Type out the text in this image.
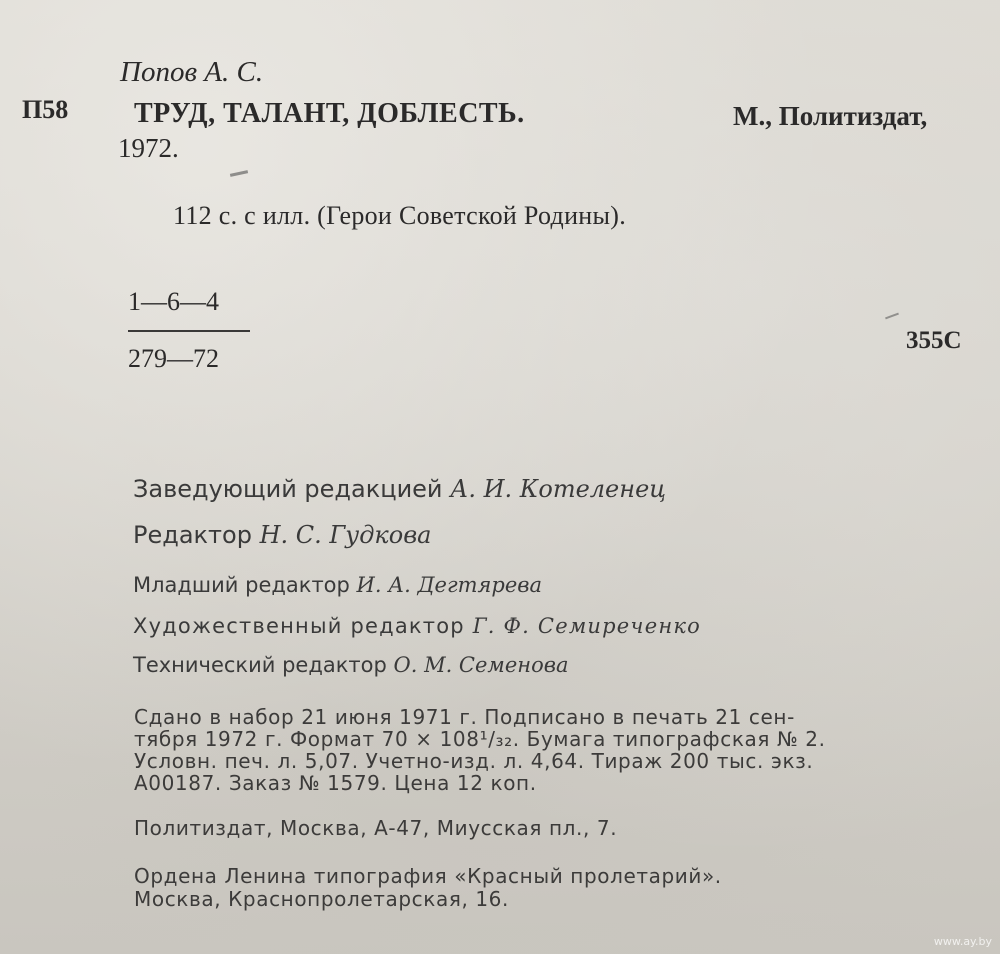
Попов А. С.
П58 ТРУД, ТАЛАНТ, ДОБЛЕСТЬ.	М., Политиздат,
1972.
112 с. с илл. (Герои Советской Родины).
1—6—4
279—72
355С
Заведующий редакцией А. И. Котеленец
Редактор Н. С. Гудкова
Младший редактор И. А. Дегтярева
Художественный редактор Г. Ф. Семиреченко
Технический редактор О. М. Семенова
Сдано в набор 21 июня 1971 г. Подписано в печать 21 сен-
тября 1972 г. Формат 70 × 108¹/₃₂. Бумага типографская № 2.
Условн. печ. л. 5,07. Учетно-изд. л. 4,64. Тираж 200 тыс. экз.
А00187. Заказ № 1579. Цена 12 коп.
Политиздат, Москва, А-47, Миусская пл., 7.
Ордена Ленина типография «Красный пролетарий».
Москва, Краснопролетарская, 16.
www.ay.by
